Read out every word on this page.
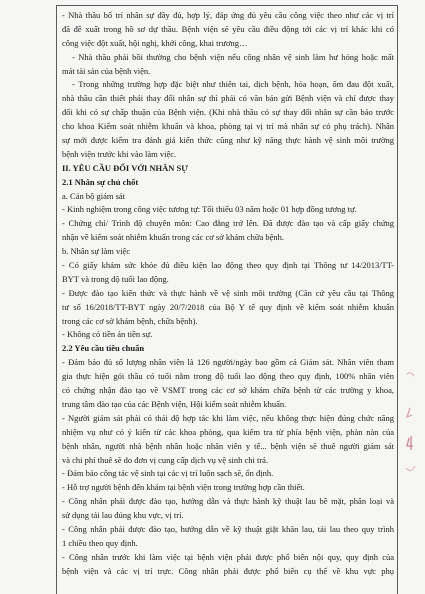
- Nhà thầu bố trí nhân sự đầy đủ, hợp lý, đáp ứng đủ yêu cầu công việc theo như các vị trí
đã đề xuất trong hồ sơ dự thầu. Bệnh viện sẽ yêu cầu điều động tới các vị trí khác khi có
công việc đột xuất, hội nghị, khởi công, khai trương…
- Nhà thầu phải bồi thường cho bệnh viện nếu công nhân vệ sinh làm hư hỏng hoặc mất
mát tài sản của bệnh viện.
- Trong những trường hợp đặc biệt như thiên tai, dịch bệnh, hỏa hoạn, ốm đau đột xuất,
nhà thầu cần thiết phải thay đổi nhân sự thì phải có văn bản gửi Bệnh viện và chỉ được thay
đổi khi có sự chấp thuận của Bệnh viện. (Khi nhà thầu có sự thay đổi nhân sự cần báo trước
cho khoa Kiểm soát nhiễm khuẩn và khoa, phòng tại vị trí mà nhân sự có phụ trách). Nhân
sự mới được kiểm tra đánh giá kiến thức cũng như kỹ năng thực hành vệ sinh môi trường
bệnh viện trước khi vào làm việc.
II. YÊU CẦU ĐỐI VỚI NHÂN SỰ
2.1 Nhân sự chủ chốt
a. Cán bộ giám sát
- Kinh nghiệm trong công việc tương tự: Tối thiểu 03 năm hoặc 01 hợp đồng tương tự.
- Chứng chỉ/ Trình độ chuyên môn: Cao đẳng trở lên. Đã được đào tạo và cấp giấy chứng
nhận về kiểm soát nhiễm khuẩn trong các cơ sở khám chữa bệnh.
b. Nhân sự làm việc
- Có giấy khám sức khỏe đủ điều kiện lao động theo quy định tại Thông tư 14/2013/TT-
BYT và trong độ tuổi lao động.
- Được đào tạo kiến thức và thực hành về vệ sinh môi trường (Căn cứ yêu cầu tại Thông
tư số 16/2018/TT-BYT ngày 20/7/2018 của Bộ Y tế quy định về kiểm soát nhiễm khuẩn
trong các cơ sở khám bệnh, chữa bệnh).
- Không có tiền án tiền sự.
2.2 Yêu cầu tiêu chuẩn
- Đảm bảo đủ số lượng nhân viên là 126 người/ngày bao gồm cả Giám sát. Nhân viên tham
gia thực hiện gói thầu có tuổi nằm trong độ tuổi lao động theo quy định, 100% nhân viên
có chứng nhận đào tạo về VSMT trong các cơ sở khám chữa bệnh từ các trường y khoa,
trung tâm đào tạo của các Bệnh viện, Hội kiểm soát nhiễm khuẩn.
- Người giám sát phải có thái độ hợp tác khi làm việc, nếu không thực hiện đúng chức năng
nhiệm vụ như có ý kiến từ các khoa phòng, qua kiểm tra từ phía bệnh viện, phàn nàn của
bệnh nhân, người nhà bệnh nhân hoặc nhân viên y tế... bệnh viện sẽ thuê người giám sát
và chi phí thuê sẽ do đơn vị cung cấp dịch vụ vệ sinh chi trả.
- Đảm bảo công tác vệ sinh tại các vị trí luôn sạch sẽ, ổn định.
- Hỗ trợ người bệnh đến khám tại bệnh viện trong trường hợp cần thiết.
- Công nhân phải được đào tạo, hướng dẫn và thực hành kỹ thuật lau bề mặt, phân loại và
sử dụng tải lau đúng khu vực, vị trí.
- Công nhân phải được đào tạo, hướng dẫn về kỹ thuật giặt khăn lau, tải lau theo quy trình
1 chiều theo quy định.
- Công nhân trước khi làm việc tại bệnh viện phải được phổ biến nội quy, quy định của
bệnh viện và các vị trí trực. Công nhân phải được phổ biến cụ thể về khu vực phụ
